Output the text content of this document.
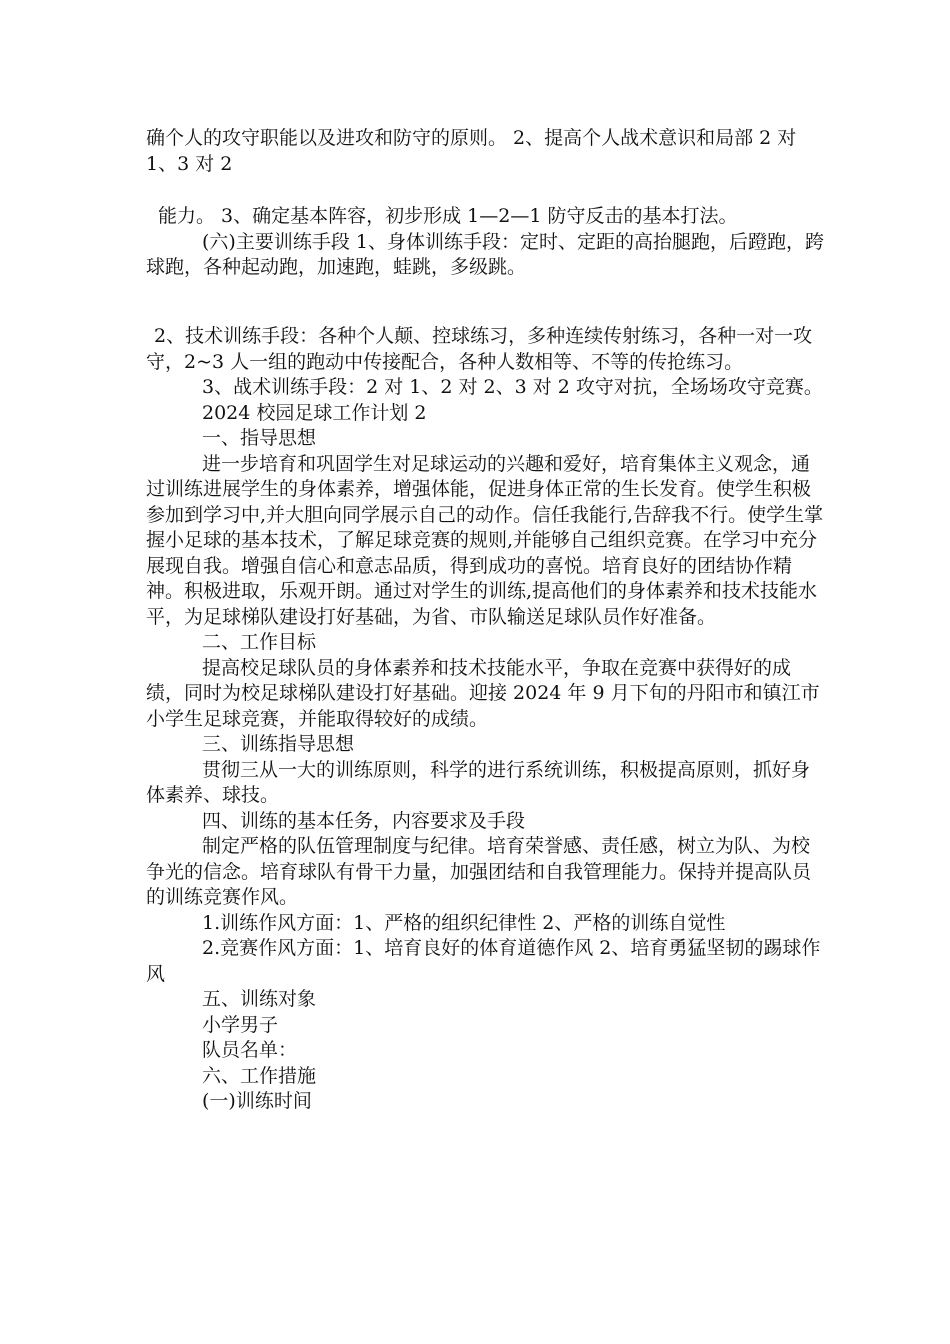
确个人的攻守职能以及进攻和防守的原则。 2、提高个人战术意识和局部 2 对 1、3 对 2

能力。 3、确定基本阵容，初步形成 1—2—1 防守反击的基本打法。

(六)主要训练手段 1、身体训练手段：定时、定距的高抬腿跑，后蹬跑，跨球跑，各种起动跑，加速跑，蛙跳，多级跳。

2、技术训练手段：各种个人颠、控球练习，多种连续传射练习，各种一对一攻守，2~3 人一组的跑动中传接配合，各种人数相等、不等的传抢练习。

3、战术训练手段：2 对 1、2 对 2、3 对 2 攻守对抗，全场场攻守竞赛。

2024 校园足球工作计划 2

一、指导思想

进一步培育和巩固学生对足球运动的兴趣和爱好，培育集体主义观念，通过训练进展学生的身体素养，增强体能，促进身体正常的生长发育。使学生积极参加到学习中,并大胆向同学展示自己的动作。信任我能行,告辞我不行。使学生掌握小足球的基本技术，了解足球竞赛的规则,并能够自己组织竞赛。在学习中充分展现自我。增强自信心和意志品质，得到成功的喜悦。培育良好的团结协作精神。积极进取，乐观开朗。通过对学生的训练,提高他们的身体素养和技术技能水平，为足球梯队建设打好基础，为省、市队输送足球队员作好准备。

二、工作目标

提高校足球队员的身体素养和技术技能水平，争取在竞赛中获得好的成绩，同时为校足球梯队建设打好基础。迎接 2024 年 9 月下旬的丹阳市和镇江市小学生足球竞赛，并能取得较好的成绩。

三、训练指导思想

贯彻三从一大的训练原则，科学的进行系统训练，积极提高原则，抓好身体素养、球技。

四、训练的基本任务，内容要求及手段

制定严格的队伍管理制度与纪律。培育荣誉感、责任感，树立为队、为校争光的信念。培育球队有骨干力量，加强团结和自我管理能力。保持并提高队员的训练竞赛作风。

1.训练作风方面：1、严格的组织纪律性 2、严格的训练自觉性

2.竞赛作风方面：1、培育良好的体育道德作风 2、培育勇猛坚韧的踢球作风

五、训练对象

小学男子

队员名单：

六、工作措施

(一)训练时间
